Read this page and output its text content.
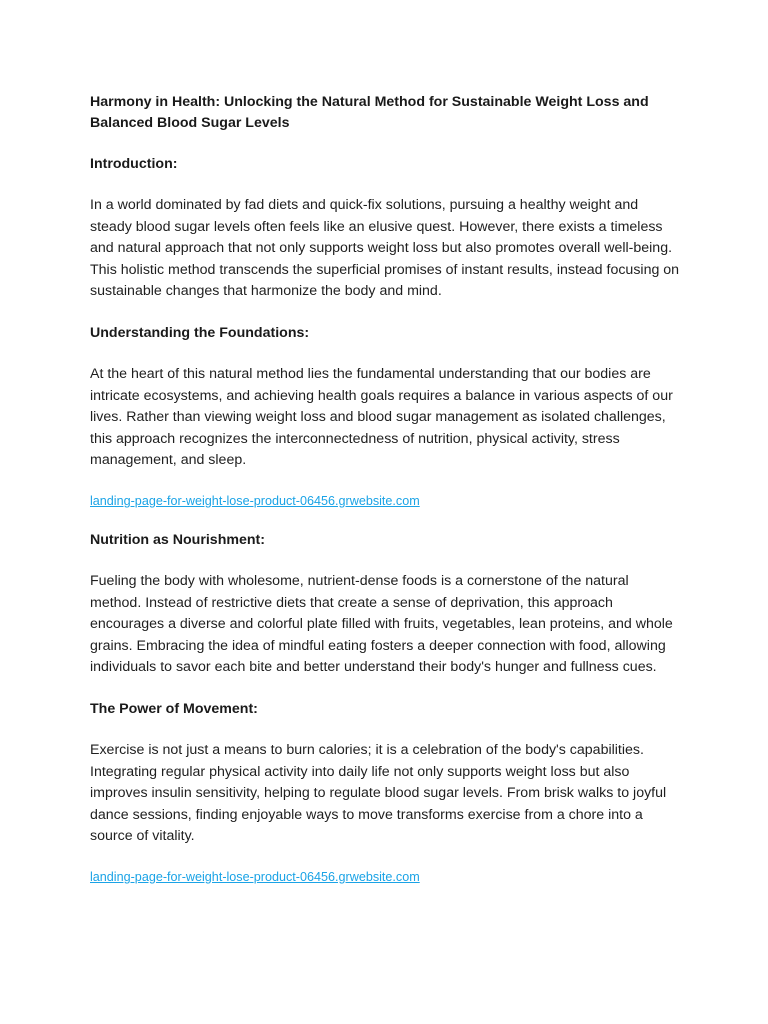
Harmony in Health: Unlocking the Natural Method for Sustainable Weight Loss and Balanced Blood Sugar Levels
Introduction:
In a world dominated by fad diets and quick-fix solutions, pursuing a healthy weight and steady blood sugar levels often feels like an elusive quest. However, there exists a timeless and natural approach that not only supports weight loss but also promotes overall well-being. This holistic method transcends the superficial promises of instant results, instead focusing on sustainable changes that harmonize the body and mind.
Understanding the Foundations:
At the heart of this natural method lies the fundamental understanding that our bodies are intricate ecosystems, and achieving health goals requires a balance in various aspects of our lives. Rather than viewing weight loss and blood sugar management as isolated challenges, this approach recognizes the interconnectedness of nutrition, physical activity, stress management, and sleep.
landing-page-for-weight-lose-product-06456.grwebsite.com
Nutrition as Nourishment:
Fueling the body with wholesome, nutrient-dense foods is a cornerstone of the natural method. Instead of restrictive diets that create a sense of deprivation, this approach encourages a diverse and colorful plate filled with fruits, vegetables, lean proteins, and whole grains. Embracing the idea of mindful eating fosters a deeper connection with food, allowing individuals to savor each bite and better understand their body's hunger and fullness cues.
The Power of Movement:
Exercise is not just a means to burn calories; it is a celebration of the body's capabilities. Integrating regular physical activity into daily life not only supports weight loss but also improves insulin sensitivity, helping to regulate blood sugar levels. From brisk walks to joyful dance sessions, finding enjoyable ways to move transforms exercise from a chore into a source of vitality.
landing-page-for-weight-lose-product-06456.grwebsite.com
